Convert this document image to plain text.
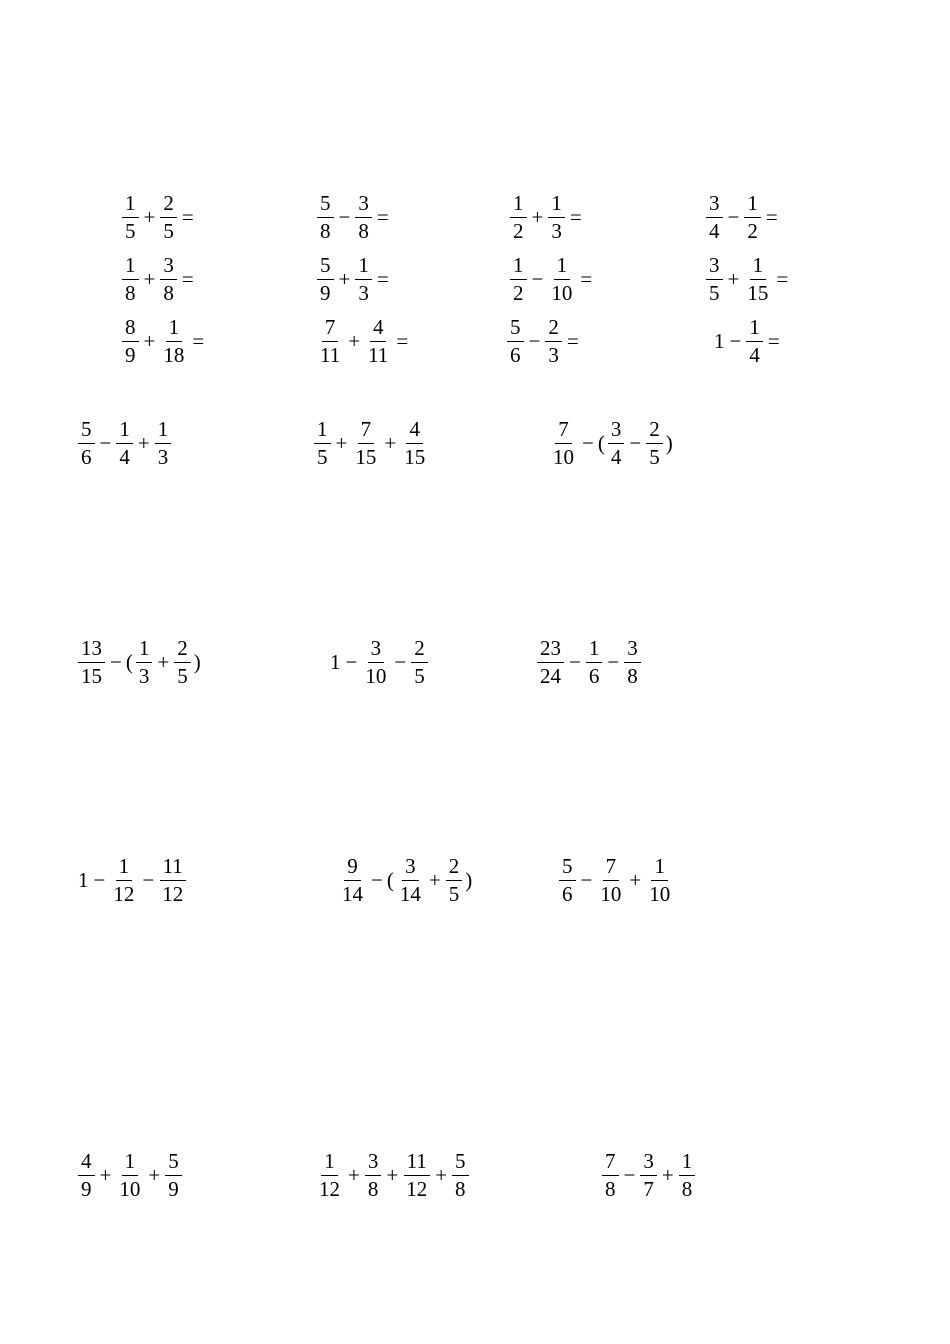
$\frac{1}{5} + \frac{2}{5}$ =	$\frac{5}{8} - \frac{3}{8}$ =	$\frac{1}{2} + \frac{1}{3}$ =	$\frac{3}{4} - \frac{1}{2}$ =
$\frac{1}{8} + \frac{3}{8}$ =	$\frac{5}{9} + \frac{1}{3}$ =	$\frac{1}{2} - \frac{1}{10}$ =	$\frac{3}{5} + \frac{1}{15}$ =
$\frac{8}{9} + \frac{1}{18}$ =	$\frac{7}{11} + \frac{4}{11}$ =	$\frac{5}{6} - \frac{2}{3}$ =	$1 - \frac{1}{4}$ =
$\frac{5}{6} - \frac{1}{4} + \frac{1}{3}$	$\frac{1}{5} + \frac{7}{15} + \frac{4}{15}$	$\frac{7}{10}$ − ( $\frac{3}{4} - \frac{2}{5}$ )
$\frac{13}{15}$ − ( $\frac{1}{3} + \frac{2}{5}$ )	$1 - \frac{3}{10} - \frac{2}{5}$	$\frac{23}{24} - \frac{1}{6} - \frac{3}{8}$
$1 - \frac{1}{12} - \frac{11}{12}$	$\frac{9}{14}$ − ( $\frac{3}{14} + \frac{2}{5}$ )	$\frac{5}{6} - \frac{7}{10} + \frac{1}{10}$
$\frac{4}{9} + \frac{1}{10} + \frac{5}{9}$	$\frac{1}{12} + \frac{3}{8} + \frac{11}{12} + \frac{5}{8}$	$\frac{7}{8} - \frac{3}{7} + \frac{1}{8}$
